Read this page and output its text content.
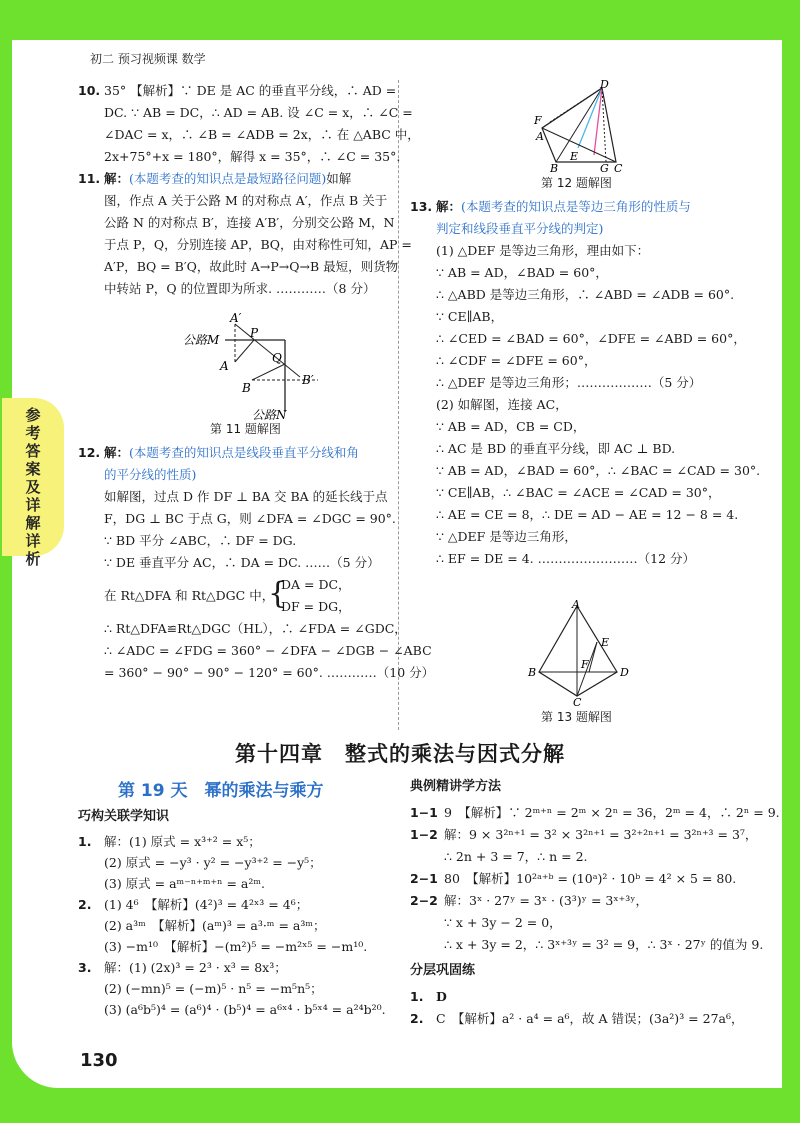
初二 预习视频课 数学
参考答案及详解详析
10. 35° 【解析】∵ DE 是 AC 的垂直平分线，∴ AD =
DC. ∵ AB = DC，∴ AD = AB. 设 ∠C = x，∴ ∠C =
∠DAC = x，∴ ∠B = ∠ADB = 2x，∴ 在 △ABC 中，
2x+75°+x = 180°，解得 x = 35°，∴ ∠C = 35°.
11. 解：(本题考查的知识点是最短路径问题)如解
图，作点 A 关于公路 M 的对称点 A′，作点 B 关于
公路 N 的对称点 B′，连接 A′B′，分别交公路 M，N
于点 P，Q，分别连接 AP，BQ，由对称性可知，AP =
A′P，BQ = B′Q，故此时 A→P→Q→B 最短，则货物
中转站 P，Q 的位置即为所求. …………（8 分）
公路M
A′
P
A
Q
B
B′
公路N
第 11 题解图
12. 解：(本题考查的知识点是线段垂直平分线和角
的平分线的性质)
如解图，过点 D 作 DF ⊥ BA 交 BA 的延长线于点
F，DG ⊥ BC 于点 G，则 ∠DFA = ∠DGC = 90°.
∵ BD 平分 ∠ABC，∴ DF = DG.
∵ DE 垂直平分 AC，∴ DA = DC. ……（5 分）
在 Rt△DFA 和 Rt△DGC 中，
{
DA = DC，
DF = DG，
∴ Rt△DFA≌Rt△DGC（HL），∴ ∠FDA = ∠GDC，
∴ ∠ADC = ∠FDG = 360° − ∠DFA − ∠DGB − ∠ABC
= 360° − 90° − 90° − 120° = 60°. …………（10 分）
D
F
A
E
B	G C
第 12 题解图
13. 解：(本题考查的知识点是等边三角形的性质与
判定和线段垂直平分线的判定)
(1) △DEF 是等边三角形，理由如下：
∵ AB = AD，∠BAD = 60°，
∴ △ABD 是等边三角形，∴ ∠ABD = ∠ADB = 60°.
∵ CE∥AB，
∴ ∠CED = ∠BAD = 60°，∠DFE = ∠ABD = 60°，
∴ ∠CDF = ∠DFE = 60°，
∴ △DEF 是等边三角形；………………（5 分）
(2) 如解图，连接 AC，
∵ AB = AD，CB = CD，
∴ AC 是 BD 的垂直平分线，即 AC ⊥ BD.
∵ AB = AD，∠BAD = 60°，∴ ∠BAC = ∠CAD = 30°.
∵ CE∥AB，∴ ∠BAC = ∠ACE = ∠CAD = 30°，
∴ AE = CE = 8，∴ DE = AD − AE = 12 − 8 = 4.
∵ △DEF 是等边三角形，
∴ EF = DE = 4. ……………………（12 分）
A
B
C
D
E
F
第 13 题解图
第十四章　整式的乘法与因式分解
第 19 天　幂的乘法与乘方
巧构关联学知识
1. 解：(1) 原式 = x³⁺² = x⁵；
(2) 原式 = −y³ · y² = −y³⁺² = −y⁵；
(3) 原式 = aᵐ⁻ⁿ⁺ᵐ⁺ⁿ = a²ᵐ.
2. (1) 4⁶　【解析】(4²)³ = 4²ˣ³ = 4⁶；
(2) a³ᵐ　【解析】(aᵐ)³ = a³·ᵐ = a³ᵐ；
(3) −m¹⁰　【解析】−(m²)⁵ = −m²ˣ⁵ = −m¹⁰.
3. 解：(1) (2x)³ = 2³ · x³ = 8x³；
(2) (−mn)⁵ = (−m)⁵ · n⁵ = −m⁵n⁵；
(3) (a⁶b⁵)⁴ = (a⁶)⁴ · (b⁵)⁴ = a⁶ˣ⁴ · b⁵ˣ⁴ = a²⁴b²⁰.
典例精讲学方法
1−1 9　【解析】∵ 2ᵐ⁺ⁿ = 2ᵐ × 2ⁿ = 36，2ᵐ = 4，∴ 2ⁿ = 9.
1−2 解：9 × 3²ⁿ⁺¹ = 3² × 3²ⁿ⁺¹ = 3²⁺²ⁿ⁺¹ = 3²ⁿ⁺³ = 3⁷，
∴ 2n + 3 = 7，∴ n = 2.
2−1 80　【解析】10²ᵃ⁺ᵇ = (10ᵃ)² · 10ᵇ = 4² × 5 = 80.
2−2 解：3ˣ · 27ʸ = 3ˣ · (3³)ʸ = 3ˣ⁺³ʸ，
∵ x + 3y − 2 = 0，
∴ x + 3y = 2，∴ 3ˣ⁺³ʸ = 3² = 9，∴ 3ˣ · 27ʸ 的值为 9.
分层巩固练
1. D
2. C　【解析】a² · a⁴ = a⁶，故 A 错误；(3a²)³ = 27a⁶，
130
